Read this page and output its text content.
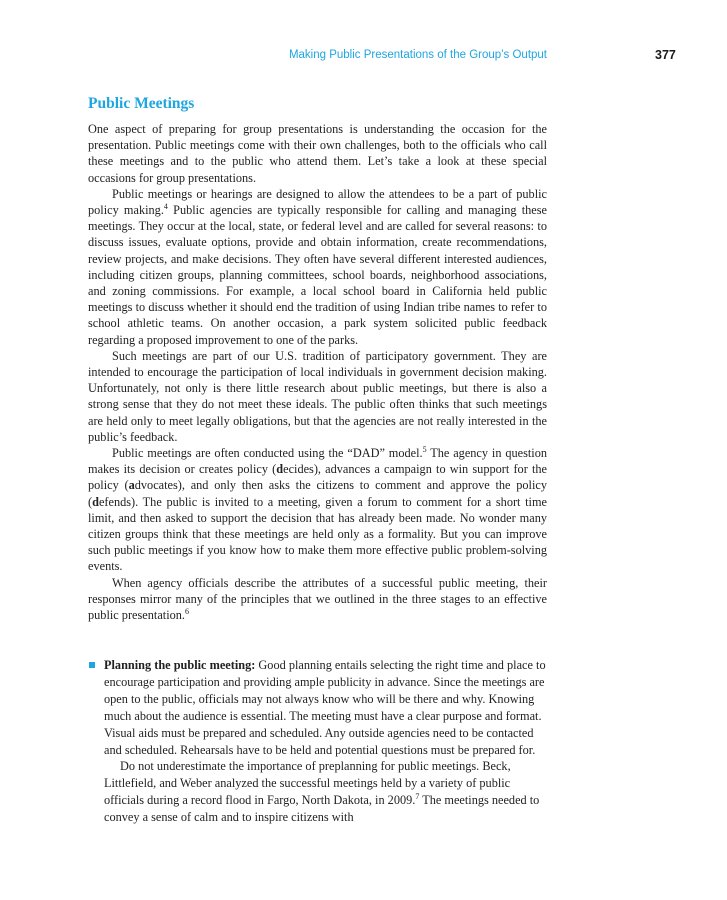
Making Public Presentations of the Group’s Output	377
Public Meetings

One aspect of preparing for group presentations is understanding the occasion for the presentation. Public meetings come with their own challenges, both to the officials who call these meetings and to the public who attend them. Let’s take a look at these special occasions for group presentations.

Public meetings or hearings are designed to allow the attendees to be a part of public policy making.$^4$ Public agencies are typically responsible for calling and managing these meetings. They occur at the local, state, or federal level and are called for several reasons: to discuss issues, evaluate options, provide and obtain information, create recommendations, review projects, and make decisions. They often have several different interested audiences, including citizen groups, planning committees, school boards, neighborhood associations, and zoning commissions. For example, a local school board in California held public meetings to discuss whether it should end the tradition of using Indian tribe names to refer to school athletic teams. On another occasion, a park system solicited public feedback regarding a proposed improvement to one of the parks.

Such meetings are part of our U.S. tradition of participatory government. They are intended to encourage the participation of local individuals in government decision making. Unfortunately, not only is there little research about public meetings, but there is also a strong sense that they do not meet these ideals. The public often thinks that such meetings are held only to meet legally obligations, but that the agencies are not really interested in the public’s feedback.

Public meetings are often conducted using the “DAD” model.$^5$ The agency in question makes its decision or creates policy (decides), advances a campaign to win support for the policy (advocates), and only then asks the citizens to comment and approve the policy (defends). The public is invited to a meeting, given a forum to comment for a short time limit, and then asked to support the decision that has already been made. No wonder many citizen groups think that these meetings are held only as a formality. But you can improve such public meetings if you know how to make them more effective public problem-solving events.

When agency officials describe the attributes of a successful public meeting, their responses mirror many of the principles that we outlined in the three stages to an effective public presentation.$^6$

Planning the public meeting: Good planning entails selecting the right time and place to encourage participation and providing ample publicity in advance. Since the meetings are open to the public, officials may not always know who will be there and why. Knowing much about the audience is essential. The meeting must have a clear purpose and format. Visual aids must be prepared and scheduled. Any outside agencies need to be contacted and scheduled. Rehearsals have to be held and potential questions must be prepared for.

Do not underestimate the importance of preplanning for public meetings. Beck, Littlefield, and Weber analyzed the successful meetings held by a variety of public officials during a record flood in Fargo, North Dakota, in 2009.$^7$ The meetings needed to convey a sense of calm and to inspire citizens with
